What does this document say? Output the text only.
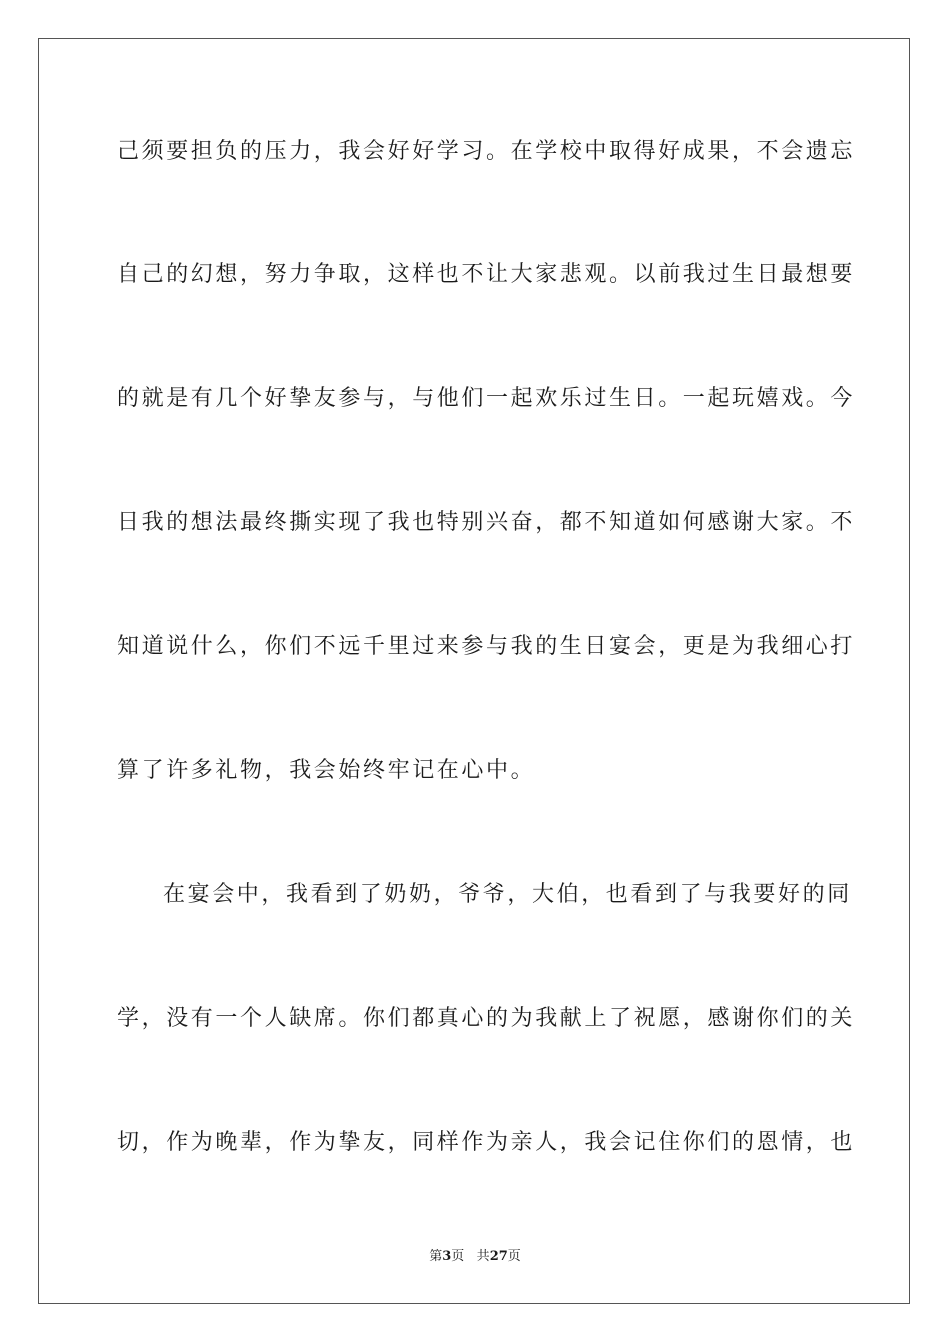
己须要担负的压力，我会好好学习。在学校中取得好成果，不会遗忘
自己的幻想，努力争取，这样也不让大家悲观。以前我过生日最想要
的就是有几个好挚友参与，与他们一起欢乐过生日。一起玩嬉戏。今
日我的想法最终撕实现了我也特别兴奋，都不知道如何感谢大家。不
知道说什么，你们不远千里过来参与我的生日宴会，更是为我细心打
算了许多礼物，我会始终牢记在心中。
在宴会中，我看到了奶奶，爷爷，大伯，也看到了与我要好的同
学，没有一个人缺席。你们都真心的为我献上了祝愿，感谢你们的关
切，作为晚辈，作为挚友，同样作为亲人，我会记住你们的恩情，也
第3页 共27页
